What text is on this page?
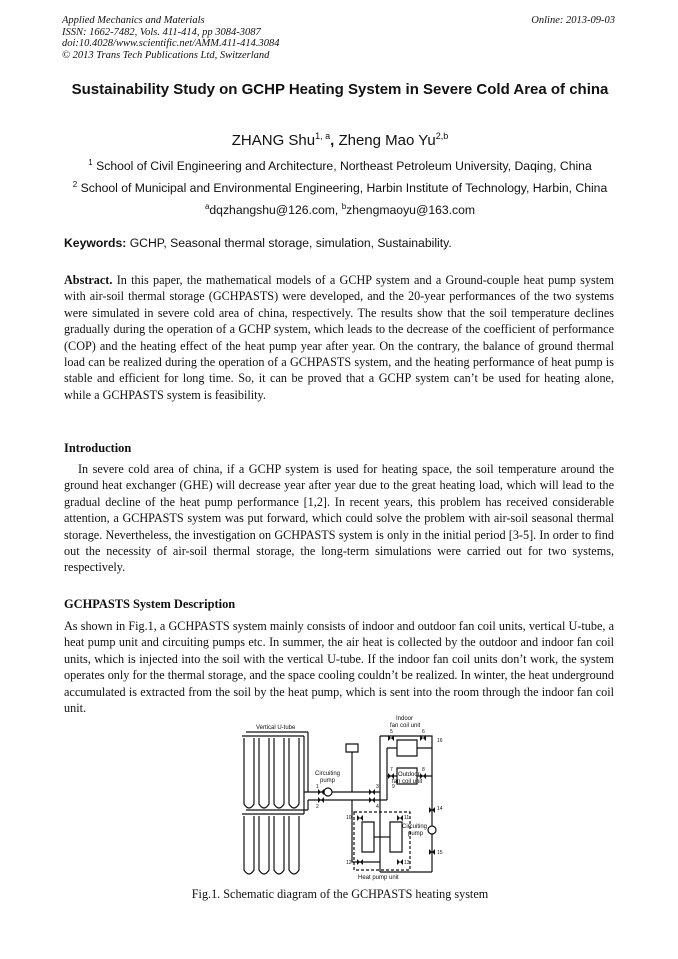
Applied Mechanics and Materials
ISSN: 1662-7482, Vols. 411-414, pp 3084-3087
doi:10.4028/www.scientific.net/AMM.411-414.3084
© 2013 Trans Tech Publications Ltd, Switzerland
Online: 2013-09-03
Sustainability Study on GCHP Heating System in Severe Cold Area of china
ZHANG Shu$^{1, a}$, Zheng Mao Yu$^{2,b}$
$^1$ School of Civil Engineering and Architecture, Northeast Petroleum University, Daqing, China
$^2$ School of Municipal and Environmental Engineering, Harbin Institute of Technology, Harbin, China
$^a$dqzhangshu@126.com, $^b$zhengmaoyu@163.com
Keywords: GCHP, Seasonal thermal storage, simulation, Sustainability.
Abstract. In this paper, the mathematical models of a GCHP system and a Ground-couple heat pump system with air-soil thermal storage (GCHPASTS) were developed, and the 20-year performances of the two systems were simulated in severe cold area of china, respectively. The results show that the soil temperature declines gradually during the operation of a GCHP system, which leads to the decrease of the coefficient of performance (COP) and the heating effect of the heat pump year after year. On the contrary, the balance of ground thermal load can be realized during the operation of a GCHPASTS system, and the heating performance of heat pump is stable and efficient for long time. So, it can be proved that a GCHP system can’t be used for heating alone, while a GCHPASTS system is feasibility.
Introduction
In severe cold area of china, if a GCHP system is used for heating space, the soil temperature around the ground heat exchanger (GHE) will decrease year after year due to the great heating load, which will lead to the gradual decline of the heat pump performance [1,2]. In recent years, this problem has received considerable attention, a GCHPASTS system was put forward, which could solve the problem with air-soil seasonal thermal storage. Nevertheless, the investigation on GCHPASTS system is only in the initial period [3-5]. In order to find out the necessity of air-soil thermal storage, the long-term simulations were carried out for two systems, respectively.
GCHPASTS System Description
As shown in Fig.1, a GCHPASTS system mainly consists of indoor and outdoor fan coil units, vertical U-tube, a heat pump unit and circuiting pumps etc. In summer, the air heat is collected by the outdoor and indoor fan coil units, which is injected into the soil with the vertical U-tube. If the indoor fan coil units don’t work, the system operates only for the thermal storage, and the space cooling couldn’t be realized. In winter, the heat underground accumulated is extracted from the soil by the heat pump, which is sent into the room through the indoor fan coil unit.
Vertical U-tube
Indoor
fan coil unit
Outdoor
fan coil unit
Circuiting
pump
Circuiting
pump
Heat pump unit
1
2
3
4
5	6
7	8
9
10	11
12	13
14
15
16
Fig.1. Schematic diagram of the GCHPASTS heating system
